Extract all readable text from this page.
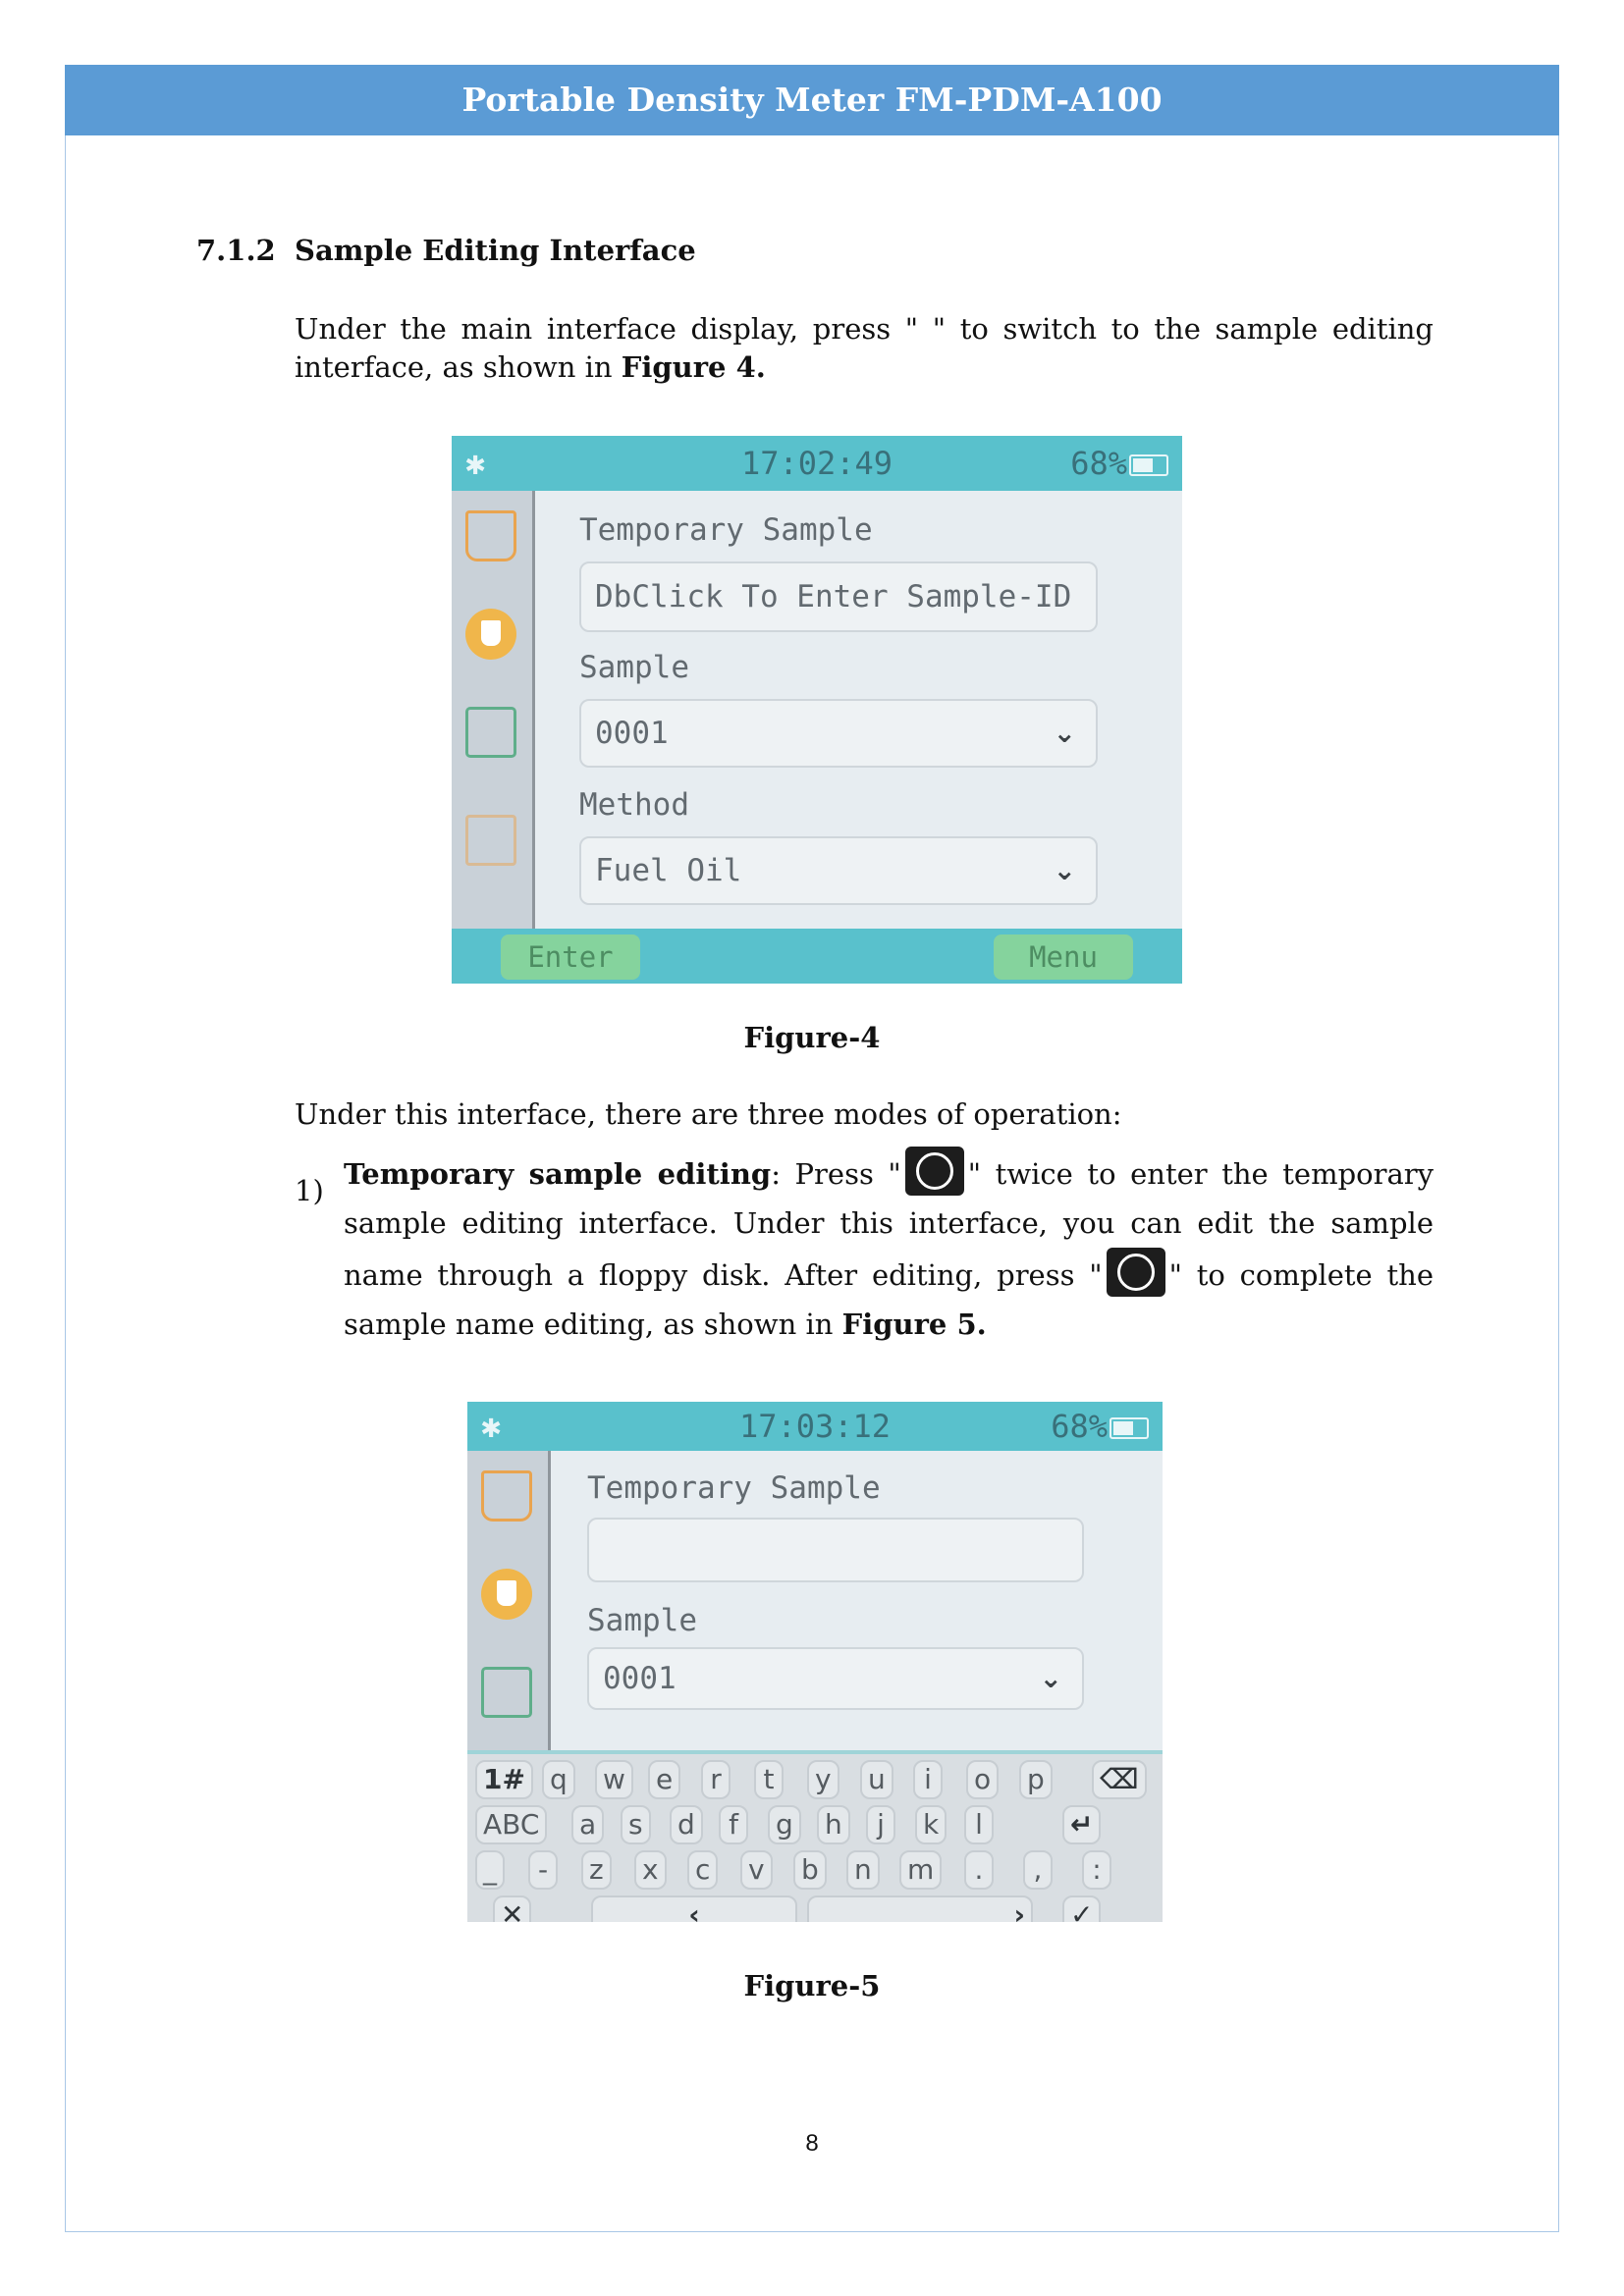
Portable Density Meter FM-PDM-A100
7.1.2 Sample Editing Interface
Under the main interface display, press " " to switch to the sample editing interface, as shown in Figure 4.
✱	17:02:49	68%
Temporary Sample
DbClick To Enter Sample-ID
Sample
0001	⌄
Method
Fuel Oil	⌄
Enter	Menu
Figure-4
Under this interface, there are three modes of operation:
1) Temporary sample editing: Press " " twice to enter the temporary sample editing interface. Under this interface, you can edit the sample name through a floppy disk. After editing, press " " to complete the sample name editing, as shown in Figure 5.
✱	17:03:12	68%
Temporary Sample
Sample
0001	⌄
1# q w e	r	t	y u	i	o p ⌫
ABC a s d	f	g h	j	k	l	↵
_	-	z x c v b n m	.	,	:
✕	‹	› ✓
Figure-5
8
